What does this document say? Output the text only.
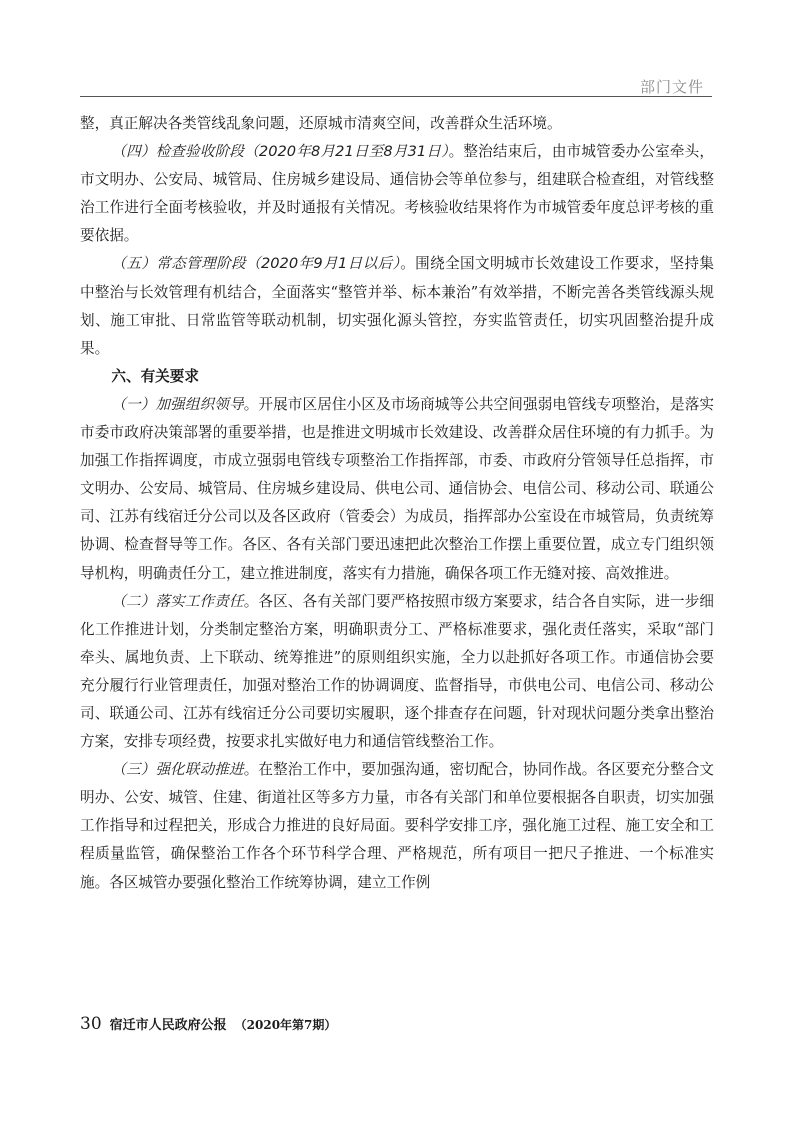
部门文件

整，真正解决各类管线乱象问题，还原城市清爽空间，改善群众生活环境。

（四）检查验收阶段（2020年8月21日至8月31日）。整治结束后，由市城管委办公室牵头，市文明办、公安局、城管局、住房城乡建设局、通信协会等单位参与，组建联合检查组，对管线整治工作进行全面考核验收，并及时通报有关情况。考核验收结果将作为市城管委年度总评考核的重要依据。

（五）常态管理阶段（2020年9月1日以后）。围绕全国文明城市长效建设工作要求，坚持集中整治与长效管理有机结合，全面落实“整管并举、标本兼治”有效举措，不断完善各类管线源头规划、施工审批、日常监管等联动机制，切实强化源头管控，夯实监管责任，切实巩固整治提升成果。

六、有关要求

（一）加强组织领导。开展市区居住小区及市场商城等公共空间强弱电管线专项整治，是落实市委市政府决策部署的重要举措，也是推进文明城市长效建设、改善群众居住环境的有力抓手。为加强工作指挥调度，市成立强弱电管线专项整治工作指挥部，市委、市政府分管领导任总指挥，市文明办、公安局、城管局、住房城乡建设局、供电公司、通信协会、电信公司、移动公司、联通公司、江苏有线宿迁分公司以及各区政府（管委会）为成员，指挥部办公室设在市城管局，负责统筹协调、检查督导等工作。各区、各有关部门要迅速把此次整治工作摆上重要位置，成立专门组织领导机构，明确责任分工，建立推进制度，落实有力措施，确保各项工作无缝对接、高效推进。

（二）落实工作责任。各区、各有关部门要严格按照市级方案要求，结合各自实际，进一步细化工作推进计划，分类制定整治方案，明确职责分工、严格标准要求，强化责任落实，采取“部门牵头、属地负责、上下联动、统筹推进”的原则组织实施，全力以赴抓好各项工作。市通信协会要充分履行行业管理责任，加强对整治工作的协调调度、监督指导，市供电公司、电信公司、移动公司、联通公司、江苏有线宿迁分公司要切实履职，逐个排查存在问题，针对现状问题分类拿出整治方案，安排专项经费，按要求扎实做好电力和通信管线整治工作。

（三）强化联动推进。在整治工作中，要加强沟通，密切配合，协同作战。各区要充分整合文明办、公安、城管、住建、街道社区等多方力量，市各有关部门和单位要根据各自职责，切实加强工作指导和过程把关，形成合力推进的良好局面。要科学安排工序，强化施工过程、施工安全和工程质量监管，确保整治工作各个环节科学合理、严格规范，所有项目一把尺子推进、一个标准实施。各区城管办要强化整治工作统筹协调，建立工作例

30 宿迁市人民政府公报 （2020年第7期）
